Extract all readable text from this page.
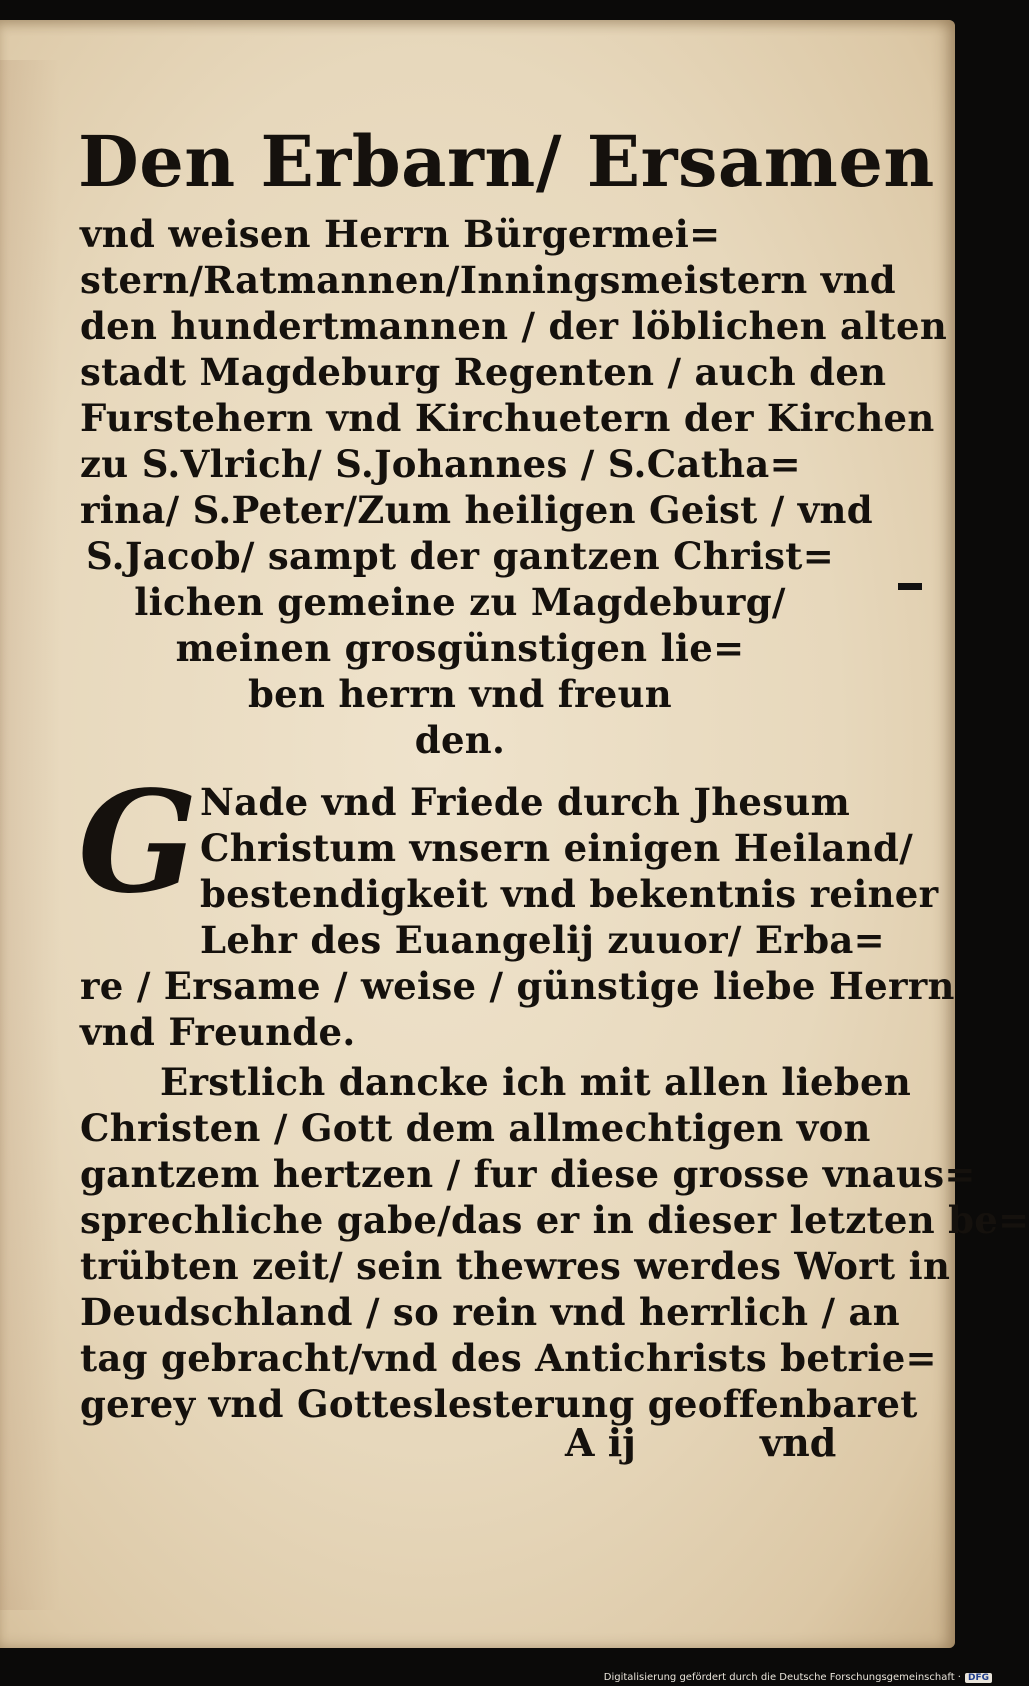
Den Erbarn/ Ersamen
vnd weisen Herrn Bürgermei=
stern/Ratmannen/Inningsmeistern vnd
den hundertmannen / der löblichen alten
stadt Magdeburg Regenten / auch den
Furstehern vnd Kirchuetern der Kirchen
zu S.Vlrich/ S.Johannes / S.Catha=
rina/ S.Peter/Zum heiligen Geist / vnd
S.Jacob/ sampt der gantzen Christ=
lichen gemeine zu Magdeburg/
meinen grosgünstigen lie=
ben herrn vnd freun
den.
G Nade vnd Friede durch Jhesum
Christum vnsern einigen Heiland/
bestendigkeit vnd bekentnis reiner
Lehr des Euangelij zuuor/ Erba=
re / Ersame / weise / günstige liebe Herrn
vnd Freunde.
Erstlich dancke ich mit allen lieben
Christen / Gott dem allmechtigen von
gantzem hertzen / fur diese grosse vnaus=
sprechliche gabe/das er in dieser letzten be=
trübten zeit/ sein thewres werdes Wort in
Deudschland / so rein vnd herrlich / an
tag gebracht/vnd des Antichrists betrie=
gerey vnd Gotteslesterung geoffenbaret
A ij	vnd
Digitalisierung gefördert durch die Deutsche Forschungsgemeinschaft · DFG
